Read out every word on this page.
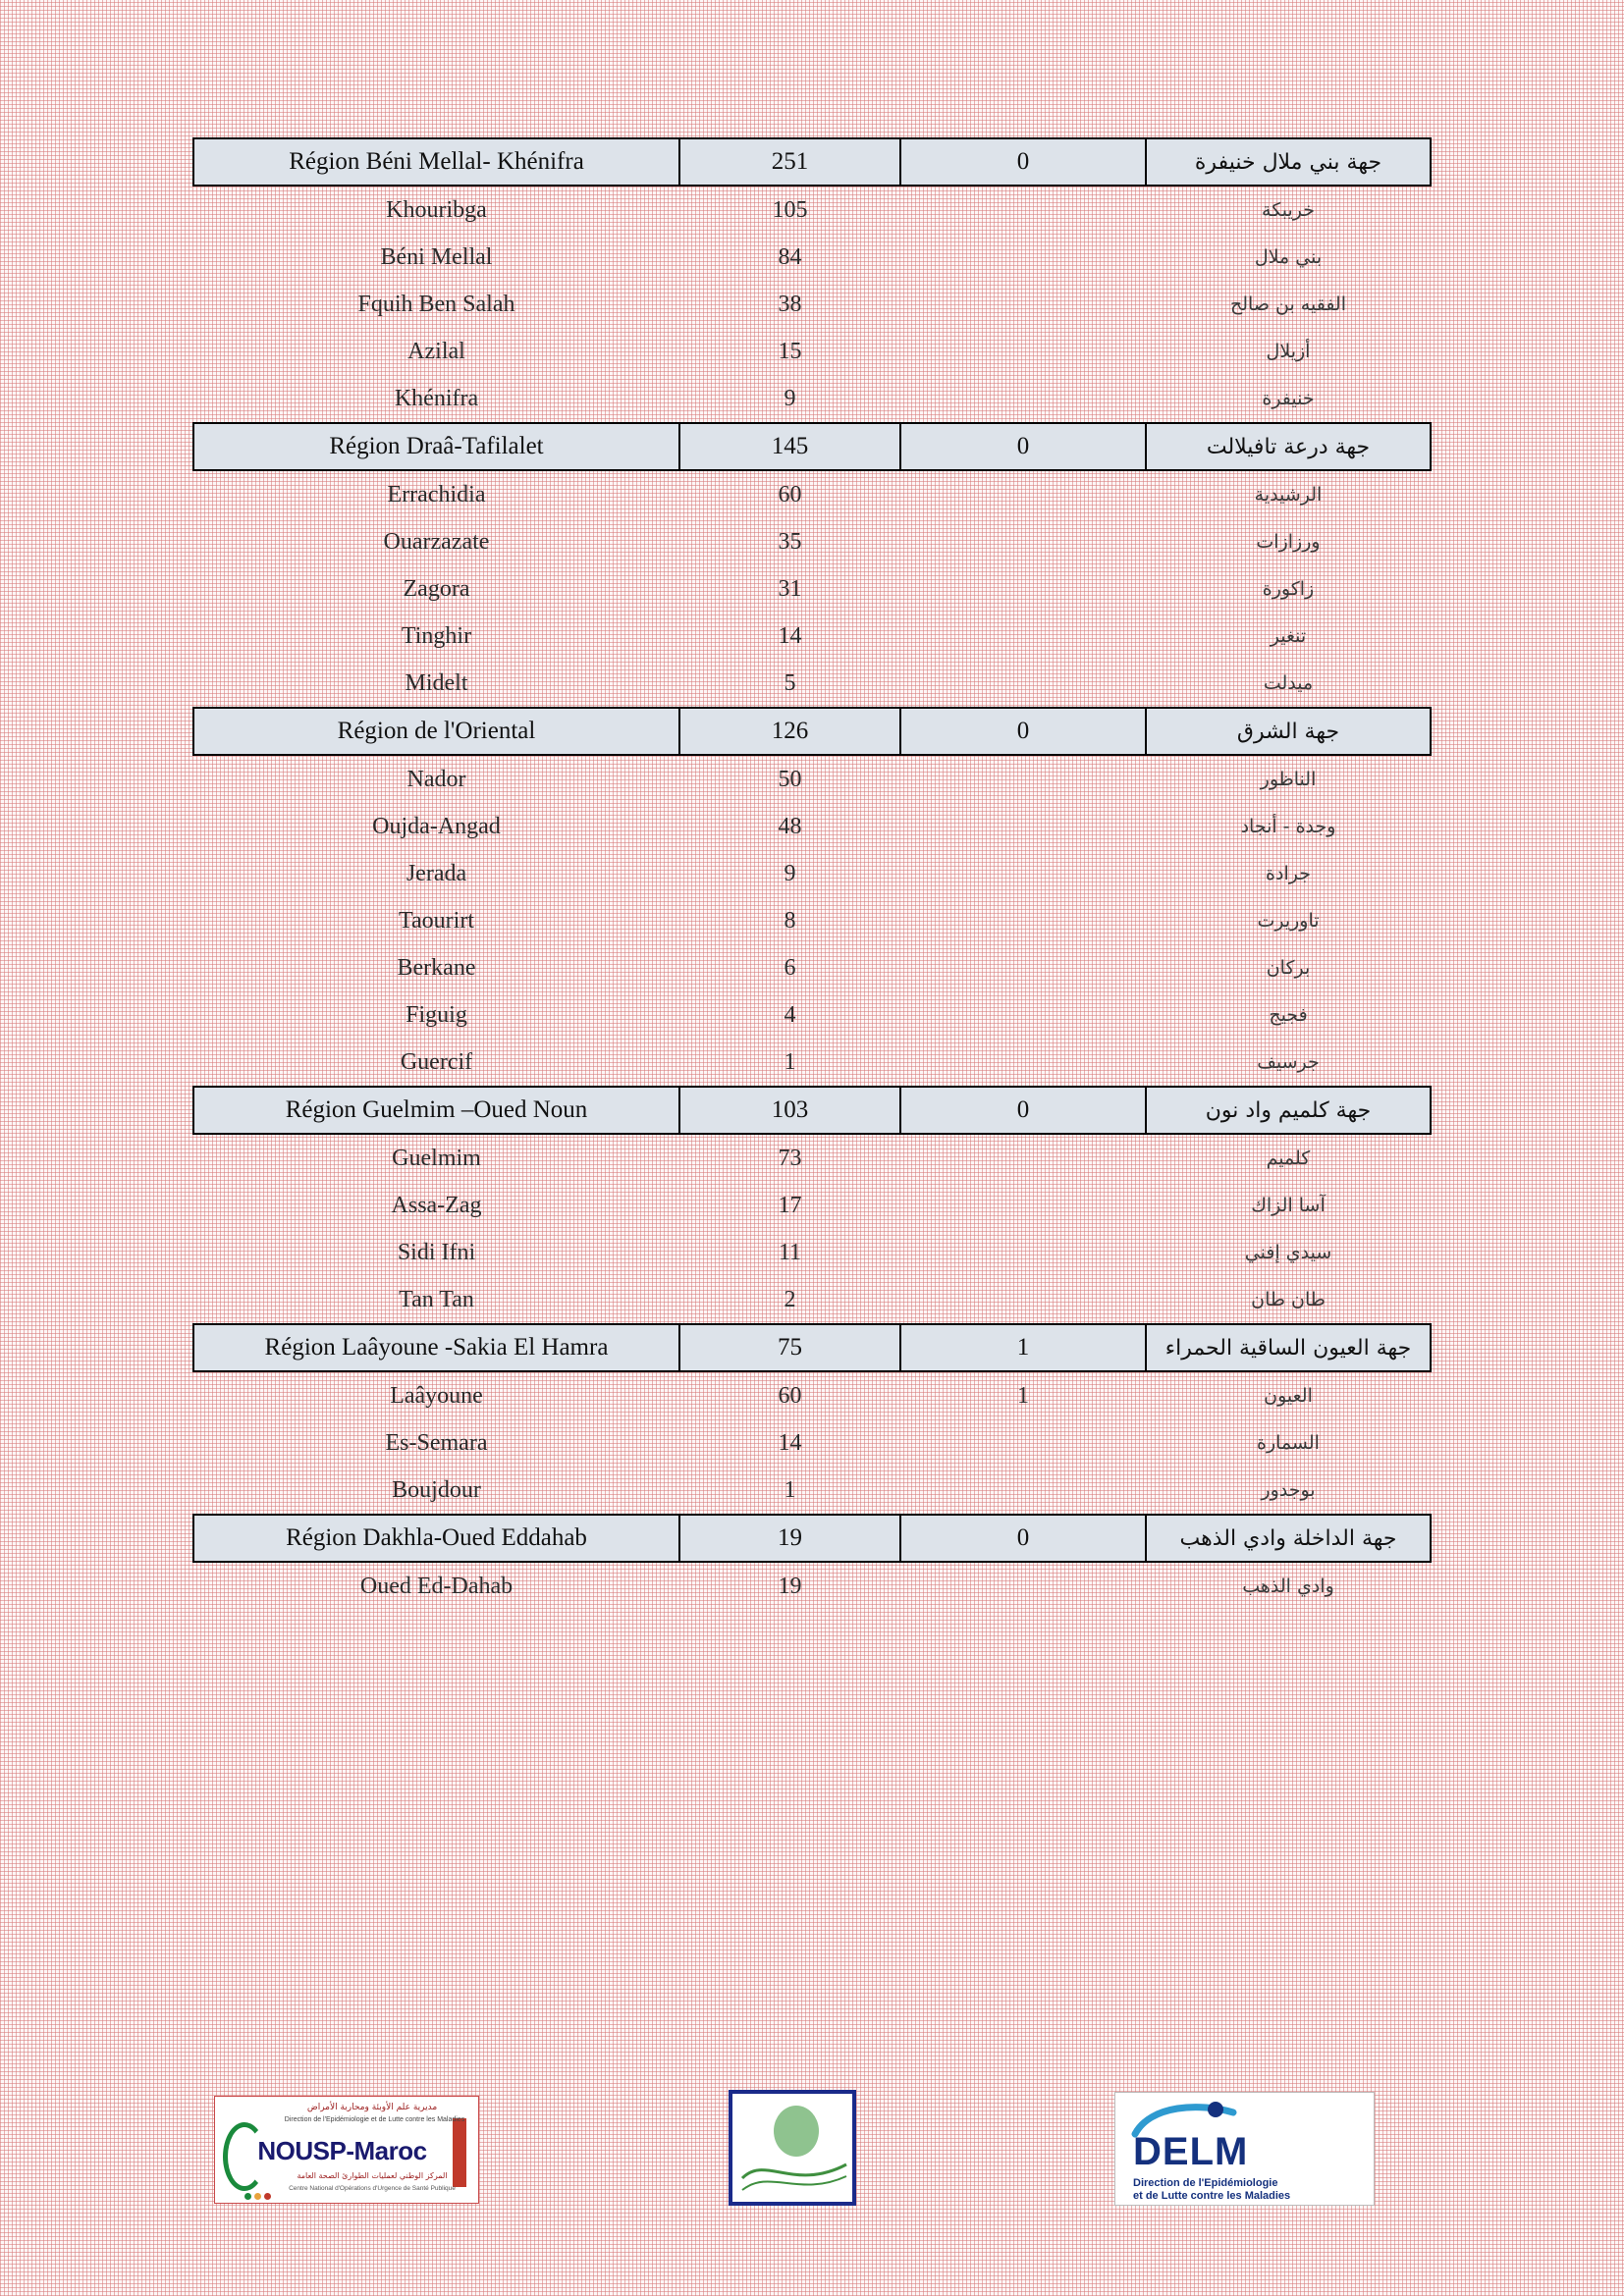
Région Béni Mellal- Khénifra	251	0	جهة بني ملال خنيفرة
Khouribga	105		خريبكة
Béni Mellal	84		بني ملال
Fquih Ben Salah	38		الفقيه بن صالح
Azilal	15		أزيلال
Khénifra	9		خنيفرة
Région Draâ-Tafilalet	145	0	جهة درعة تافيلالت
Errachidia	60		الرشيدية
Ouarzazate	35		ورزازات
Zagora	31		زاكورة
Tinghir	14		تنغير
Midelt	5		ميدلت
Région de l'Oriental	126	0	جهة الشرق
Nador	50		الناظور
Oujda-Angad	48		وجدة - أنجاد
Jerada	9		جرادة
Taourirt	8		تاوريرت
Berkane	6		بركان
Figuig	4		فجيج
Guercif	1		جرسيف
Région Guelmim –Oued Noun	103	0	جهة كلميم واد نون
Guelmim	73		كلميم
Assa-Zag	17		آسا الزاك
Sidi Ifni	11		سيدي إفني
Tan Tan	2		طان طان
Région Laâyoune -Sakia El Hamra	75	1	جهة العيون الساقية الحمراء
Laâyoune	60	1	العيون
Es-Semara	14		السمارة
Boujdour	1		بوجدور
Région Dakhla-Oued Eddahab	19	0	جهة الداخلة وادي الذهب
Oued Ed-Dahab	19		وادي الذهب
مديرية علم الأوبئة ومحاربة الأمراض
Direction de l'Epidémiologie et de Lutte contre les Maladies
NOUSP-Maroc
المركز الوطني لعمليات الطوارئ الصحة العامة
Centre National d'Opérations d'Urgence de Santé Publique
DELM
Direction de l'Epidémiologie
et de Lutte contre les Maladies
